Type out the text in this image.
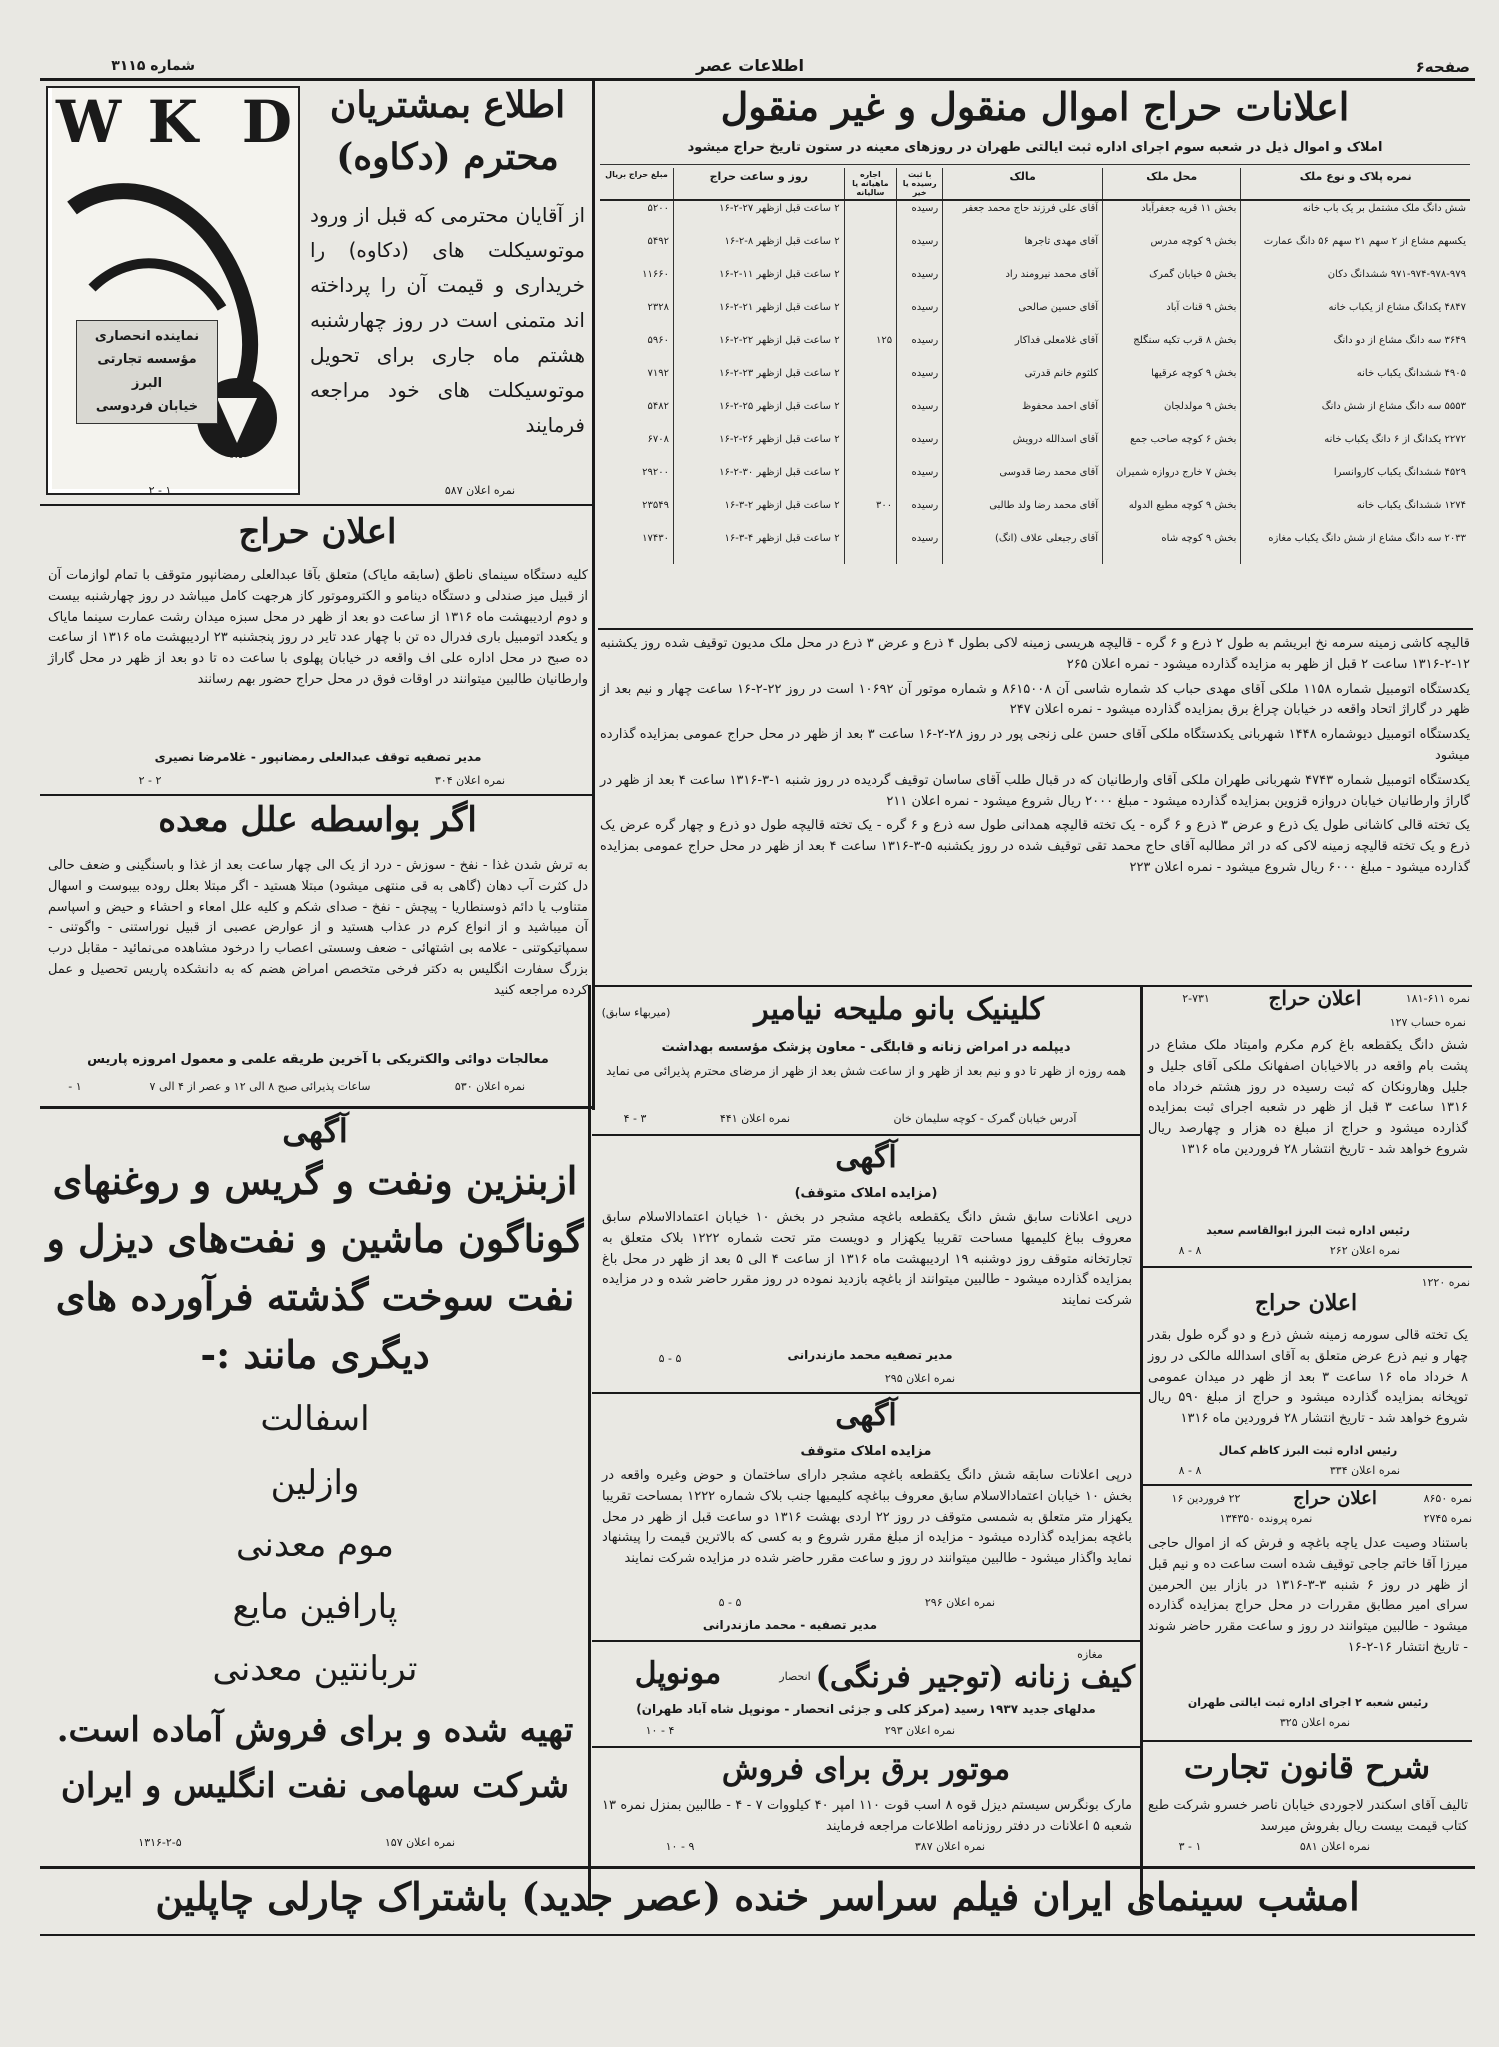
صفحه۶
اطلاعات عصر
شماره ۳۱۱۵
اعلانات حراج اموال منقول و غیر منقول
املاک و اموال ذیل در شعبه سوم اجرای اداره ثبت ایالتی طهران در روزهای معینه در ستون تاریخ حراج میشود
نمره پلاک و نوع ملک	محل ملک	مالک	با ثبت رسیده یا خیر	اجاره ماهیانه یا سالیانه	روز و ساعت حراج	مبلغ حراج بریال
شش دانگ ملک مشتمل بر یک باب خانه	بخش ۱۱ قریه جعفرآباد	آقای علی فرزند حاج محمد جعفر	رسیده		۲ ساعت قبل ازظهر ۲۷-۲-۱۶	۵۲۰۰
یکسهم مشاع از ۲ سهم ۲۱ سهم ۵۶ دانگ عمارت	بخش ۹ کوچه مدرس	آقای مهدی تاجرها	رسیده		۲ ساعت قبل ازظهر ۸-۲-۱۶	۵۴۹۲
۹۷۱-۹۷۴-۹۷۸-۹۷۹ ششدانگ دکان	بخش ۵ خیابان گمرک	آقای محمد نیرومند راد	رسیده		۲ ساعت قبل ازظهر ۱۱-۲-۱۶	۱۱۶۶۰
۴۸۴۷ یکدانگ مشاع از یکباب خانه	بخش ۹ قنات آباد	آقای حسین صالحی	رسیده		۲ ساعت قبل ازظهر ۲۱-۲-۱۶	۲۳۲۸
۳۶۴۹ سه دانگ مشاع از دو دانگ	بخش ۸ قرب تکیه سنگلج	آقای غلامعلی فداکار	رسیده	۱۲۵	۲ ساعت قبل ازظهر ۲۲-۲-۱۶	۵۹۶۰
۴۹۰۵ ششدانگ یکباب خانه	بخش ۹ کوچه عرقیها	کلثوم خانم قدرتی	رسیده		۲ ساعت قبل ازظهر ۲۳-۲-۱۶	۷۱۹۲
۵۵۵۳ سه دانگ مشاع از شش دانگ	بخش ۹ مولدلجان	آقای احمد محفوظ	رسیده		۲ ساعت قبل ازظهر ۲۵-۲-۱۶	۵۴۸۲
۲۲۷۲ یکدانگ از ۶ دانگ یکباب خانه	بخش ۶ کوچه صاحب جمع	آقای اسدالله درویش	رسیده		۲ ساعت قبل ازظهر ۲۶-۲-۱۶	۶۷۰۸
۴۵۲۹ ششدانگ یکباب کاروانسرا	بخش ۷ خارج دروازه شمیران	آقای محمد رضا قدوسی	رسیده		۲ ساعت قبل ازظهر ۳۰-۲-۱۶	۲۹۲۰۰
۱۲۷۴ ششدانگ یکباب خانه	بخش ۹ کوچه مطیع الدوله	آقای محمد رضا ولد طالبی	رسیده	۳۰۰	۲ ساعت قبل ازظهر ۲-۳-۱۶	۲۳۵۴۹
۲۰۳۳ سه دانگ مشاع از شش دانگ یکباب مغازه	بخش ۹ کوچه شاه	آقای رجبعلی علاف (انگ)	رسیده		۲ ساعت قبل ازظهر ۴-۳-۱۶	۱۷۴۳۰
قالیچه کاشی زمینه سرمه نخ ابریشم به طول ۲ ذرع و ۶ گره - قالیچه هریسی زمینه لاکی بطول ۴ ذرع و عرض ۳ ذرع در محل ملک مدیون توقیف شده روز یکشنبه ۱۲-۲-۱۳۱۶ ساعت ۲ قبل از ظهر به مزایده گذارده میشود - نمره اعلان ۲۶۵
یکدستگاه اتومبیل شماره ۱۱۵۸ ملکی آقای مهدی حباب کد شماره شاسی آن ۸۶۱۵۰۰۸ و شماره موتور آن ۱۰۶۹۲ است در روز ۲۲-۲-۱۶ ساعت چهار و نیم بعد از ظهر در گاراژ اتحاد واقعه در خیابان چراغ برق بمزایده گذارده میشود - نمره اعلان ۲۴۷
یکدستگاه اتومبیل دیوشماره ۱۴۴۸ شهربانی یکدستگاه ملکی آقای حسن علی زنجی پور در روز ۲۸-۲-۱۶ ساعت ۳ بعد از ظهر در محل حراج عمومی بمزایده گذارده میشود
یکدستگاه اتومبیل شماره ۴۷۴۳ شهربانی طهران ملکی آقای وارطانیان که در قبال طلب آقای ساسان توقیف گردیده در روز شنبه ۱-۳-۱۳۱۶ ساعت ۴ بعد از ظهر در گاراژ وارطانیان خیابان دروازه قزوین بمزایده گذارده میشود - مبلغ ۲۰۰۰ ریال شروع میشود - نمره اعلان ۲۱۱
یک تخته قالی کاشانی طول یک ذرع و عرض ۳ ذرع و ۶ گره - یک تخته قالیچه همدانی طول سه ذرع و ۶ گره - یک تخته قالیچه طول دو ذرع و چهار گره عرض یک ذرع و یک تخته قالیچه زمینه لاکی که در اثر مطالبه آقای حاج محمد تقی توقیف شده در روز یکشنبه ۵-۳-۱۳۱۶ ساعت ۴ بعد از ظهر در محل حراج عمومی بمزایده گذارده میشود - مبلغ ۶۰۰۰ ریال شروع میشود - نمره اعلان ۲۲۳
D
K
W
DKW
نماینده انحصاری
مؤسسه تجارتی
البرز
خیابان فردوسی
اطلاع بمشتریان
محترم (دکاوه)
از آقایان محترمی که قبل از ورود موتوسیکلت های (دکاوه) را خریداری و قیمت آن را پرداخته اند متمنی است در روز چهارشنبه هشتم ماه جاری برای تحویل موتوسیکلت های خود مراجعه فرمایند
نمره اعلان ۵۸۷
۱ - ۲
اعلان حراج
کلیه دستگاه سینمای ناطق (سابقه مایاک) متعلق بآقا عبدالعلی رمضانپور متوقف با تمام لوازمات آن از قبیل میز صندلی و دستگاه دینامو و الکتروموتور کاز هرجهت کامل میباشد در روز چهارشنبه بیست و دوم اردیبهشت ماه ۱۳۱۶ از ساعت دو بعد از ظهر در محل سبزه میدان رشت عمارت سینما مایاک و یکعدد اتومبیل باری فدرال ده تن با چهار عدد تایر در روز پنجشنبه ۲۳ اردیبهشت ماه ۱۳۱۶ از ساعت ده صبح در محل اداره علی اف واقعه در خیابان پهلوی با ساعت ده تا دو بعد از ظهر در محل گاراژ وارطانیان طالبین میتوانند در اوقات فوق در محل حراج حضور بهم رسانند
مدیر تصفیه توقف عبدالعلی رمضانپور - غلامرضا نصیری
نمره اعلان ۳۰۴
۲ - ۲
اگر بواسطه علل معده
به ترش شدن غذا - نفخ - سوزش - درد از یک الی چهار ساعت بعد از غذا و باسنگینی و ضعف حالی دل کثرت آب دهان (گاهی به قی منتهی میشود) مبتلا هستید - اگر مبتلا بعلل روده بیبوست و اسهال متناوب یا دائم ذوسنطاریا - پیچش - نفخ - صدای شکم و کلیه علل امعاء و احشاء و حیض و اسپاسم آن میباشید و از انواع کرم در عذاب هستید و از عوارض عصبی از قبیل نوراستنی - واگوتنی - سمپاتیکوتنی - علامه بی اشتهائی - ضعف وسستی اعصاب را درخود مشاهده می‌نمائید - مقابل درب بزرگ سفارت انگلیس به دکتر فرخی متخصص امراض هضم که به دانشکده پاریس تحصیل و عمل کرده مراجعه کنید
معالجات دوائی والکتریکی با آخرین طریقه علمی و معمول امروزه پاریس
نمره اعلان ۵۳۰
ساعات پذیرائی صبح ۸ الی ۱۲ و عصر از ۴ الی ۷
۱ -
آگهی
ازبنزین ونفت و گریس و روغنهای
گوناگون ماشین و نفت‌های دیزل و
نفت سوخت گذشته فرآورده های
دیگری مانند :-
اسفالت
وازلین
موم معدنی
پارافین مایع
تربانتین معدنی
تهیه شده و برای فروش آماده است.
شرکت سهامی نفت انگلیس و ایران
نمره اعلان ۱۵۷
۱۳۱۶-۲-۵
کلینیک بانو ملیحه نیامیر
(میربهاء سابق)
دیپلمه در امراض زنانه و قابلگی - معاون پزشک مؤسسه بهداشت
همه روزه از ظهر تا دو و نیم بعد از ظهر و از ساعت شش بعد از ظهر از مرضای محترم پذیرائی می نماید
آدرس خیابان گمرک - کوچه سلیمان خان
نمره اعلان ۴۴۱
۳ - ۴
آگهی
(مزایده املاک متوقف)
درپی اعلانات سابق شش دانگ یکقطعه باغچه مشجر در بخش ۱۰ خیابان اعتمادالاسلام سابق معروف بباغ کلیمیها مساحت تقریبا یکهزار و دویست متر تحت شماره ۱۲۲۲ بلاک متعلق به تجارتخانه متوقف روز دوشنبه ۱۹ اردیبهشت ماه ۱۳۱۶ از ساعت ۴ الی ۵ بعد از ظهر در محل باغ بمزایده گذارده میشود - طالبین میتوانند از باغچه بازدید نموده در روز مقرر حاضر شده و در مزایده شرکت نمایند
مدیر تصفیه محمد مازندرانی
نمره اعلان ۲۹۵
۵ - ۵
آگهی
مزایده املاک متوقف
درپی اعلانات سابقه شش دانگ یکقطعه باغچه مشجر دارای ساختمان و حوض وغیره واقعه در بخش ۱۰ خیابان اعتمادالاسلام سابق معروف بباغچه کلیمیها جنب بلاک شماره ۱۲۲۲ بمساحت تقریبا یکهزار متر متعلق به شمسی متوقف در روز ۲۲ اردی بهشت ۱۳۱۶ دو ساعت قبل از ظهر در محل باغچه بمزایده گذارده میشود - مزایده از مبلغ مقرر شروع و به کسی که بالاترین قیمت را پیشنهاد نماید واگذار میشود - طالبین میتوانند در روز و ساعت مقرر حاضر شده در مزایده شرکت نمایند
نمره اعلان ۲۹۶
۵ - ۵
مدیر تصفیه - محمد مازندرانی
مغازه
کیف زنانه (توجیر فرنگی)
انحصار
مونوپل
مدلهای جدید ۱۹۳۷ رسید (مرکز کلی و جزئی انحصار - مونوپل شاه آباد طهران)
نمره اعلان ۲۹۳
۴ - ۱۰
موتور برق برای فروش
مارک بونگرس سیستم دیزل قوه ۸ اسب قوت ۱۱۰ امپر ۴۰ کیلووات ۷ - ۴ - طالبین بمنزل نمره ۱۳ شعبه ۵ اعلانات در دفتر روزنامه اطلاعات مراجعه فرمایند
نمره اعلان ۳۸۷
۹ - ۱۰
نمره ۶۱۱-۱۸۱
اعلان حراج
۲-۷۳۱
نمره حساب ۱۲۷
شش دانگ یکقطعه باغ کرم مکرم وامیتاد ملک مشاع در پشت بام واقعه در بالاخیابان اصفهانک ملکی آقای جلیل و جلیل وهارونکان که ثبت رسیده در روز هشتم خرداد ماه ۱۳۱۶ ساعت ۳ قبل از ظهر در شعبه اجرای ثبت بمزایده گذارده میشود و حراج از مبلغ ده هزار و چهارصد ریال شروع خواهد شد - تاریخ انتشار ۲۸ فروردین ماه ۱۳۱۶
رئیس اداره ثبت البرز ابوالقاسم سعید
نمره اعلان ۲۶۲
۸ - ۸
نمره ۱۲۲۰
اعلان حراج
یک تخته قالی سورمه زمینه شش ذرع و دو گره طول بقدر چهار و نیم ذرع عرض متعلق به آقای اسدالله مالکی در روز ۸ خرداد ماه ۱۶ ساعت ۳ بعد از ظهر در میدان عمومی توپخانه بمزایده گذارده میشود و حراج از مبلغ ۵۹۰ ریال شروع خواهد شد - تاریخ انتشار ۲۸ فروردین ماه ۱۳۱۶
رئیس اداره ثبت البرز کاظم کمال
نمره اعلان ۳۳۴
۸ - ۸
نمره ۸۶۵۰
اعلان حراج
۲۲ فروردین ۱۶
نمره ۲۷۴۵
نمره پرونده ۱۳۴۳۵۰
باستناد وصیت عدل یاچه باغچه و فرش که از اموال حاجی میرزا آقا خاتم جاجی توقیف شده است ساعت ده و نیم قبل از ظهر در روز ۶ شنبه ۳-۳-۱۳۱۶ در بازار بین الحرمین سرای امیر مطابق مقررات در محل حراج بمزایده گذارده میشود - طالبین میتوانند در روز و ساعت مقرر حاضر شوند - تاریخ انتشار ۱۶-۲-۱۶
رئیس شعبه ۲ اجرای اداره ثبت ایالتی طهران
نمره اعلان ۳۲۵
شرح قانون تجارت
تالیف آقای اسکندر لاجوردی خیابان ناصر خسرو شرکت طبع کتاب قیمت بیست ریال بفروش میرسد
نمره اعلان ۵۸۱
۱ - ۳
امشب سینمای ایران فیلم سراسر خنده (عصر جدید) باشتراک چارلی چاپلین
